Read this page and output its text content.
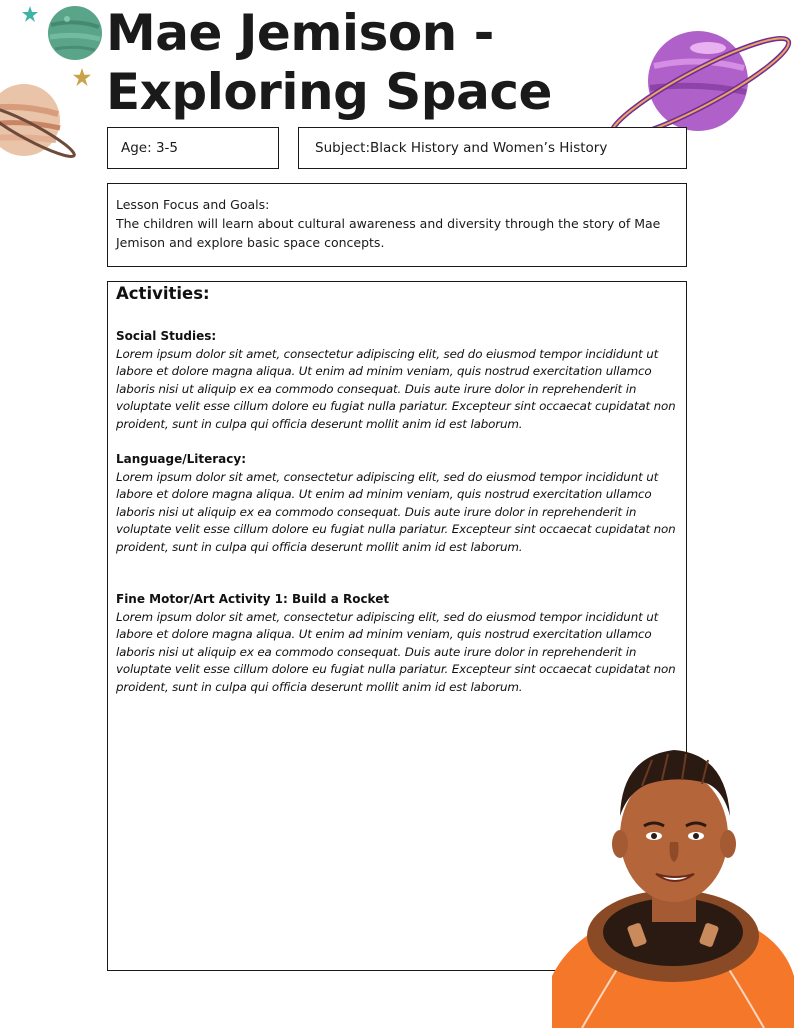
Mae Jemison -
Exploring Space
Age: 3-5	Subject:Black History and Women’s History

Lesson Focus and Goals:

The children will learn about cultural awareness and diversity through the story of Mae Jemison and explore basic space concepts.

Activities:
Social Studies:

Lorem ipsum dolor sit amet, consectetur adipiscing elit, sed do eiusmod tempor incididunt ut labore et dolore magna aliqua. Ut enim ad minim veniam, quis nostrud exercitation ullamco laboris nisi ut aliquip ex ea commodo consequat. Duis aute irure dolor in reprehenderit in voluptate velit esse cillum dolore eu fugiat nulla pariatur. Excepteur sint occaecat cupidatat non proident, sunt in culpa qui officia deserunt mollit anim id est laborum.

Language/Literacy:

Lorem ipsum dolor sit amet, consectetur adipiscing elit, sed do eiusmod tempor incididunt ut labore et dolore magna aliqua. Ut enim ad minim veniam, quis nostrud exercitation ullamco laboris nisi ut aliquip ex ea commodo consequat. Duis aute irure dolor in reprehenderit in voluptate velit esse cillum dolore eu fugiat nulla pariatur. Excepteur sint occaecat cupidatat non proident, sunt in culpa qui officia deserunt mollit anim id est laborum.

Fine Motor/Art Activity 1: Build a Rocket

Lorem ipsum dolor sit amet, consectetur adipiscing elit, sed do eiusmod tempor incididunt ut labore et dolore magna aliqua. Ut enim ad minim veniam, quis nostrud exercitation ullamco laboris nisi ut aliquip ex ea commodo consequat. Duis aute irure dolor in reprehenderit in voluptate velit esse cillum dolore eu fugiat nulla pariatur. Excepteur sint occaecat cupidatat non proident, sunt in culpa qui officia deserunt mollit anim id est laborum.
